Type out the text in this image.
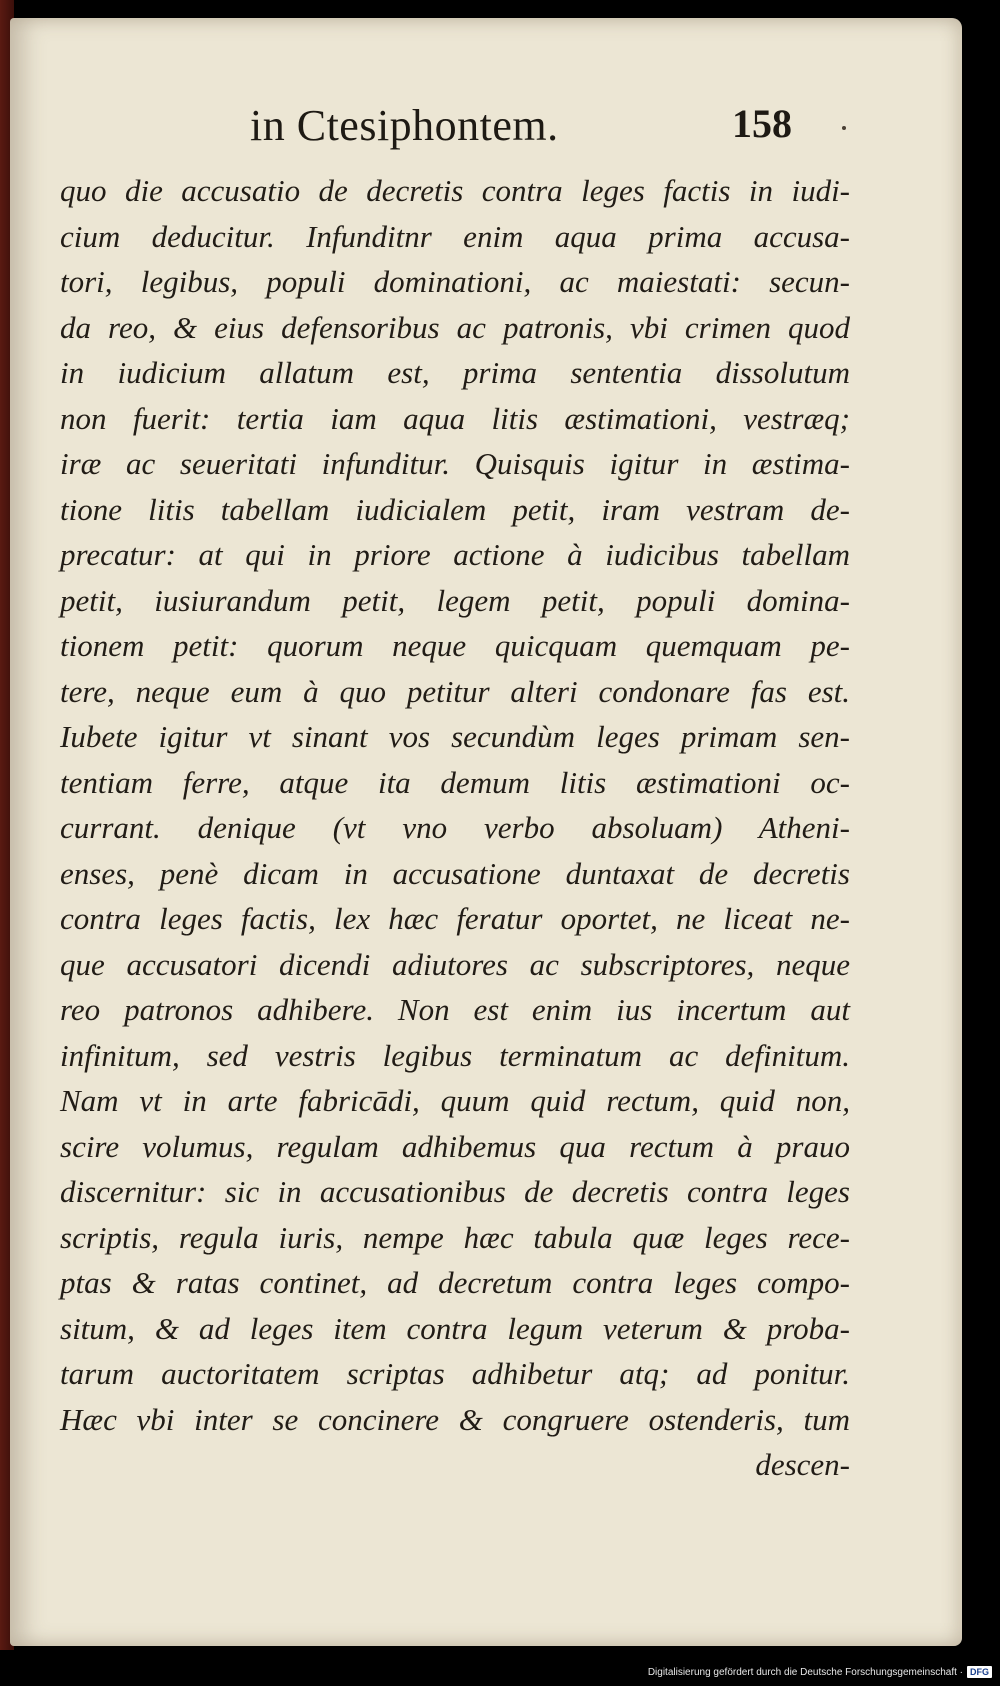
in Ctesiphontem.	158
quo die accusatio de decretis contra leges factis in iudi-
cium deducitur. Infunditnr enim aqua prima accusa-
tori, legibus, populi dominationi, ac maiestati: secun-
da reo, & eius defensoribus ac patronis, vbi crimen quod
in iudicium allatum est, prima sententia dissolutum
non fuerit: tertia iam aqua litis æstimationi, vestræq;
iræ ac seueritati infunditur. Quisquis igitur in æstima-
tione litis tabellam iudicialem petit, iram vestram de-
precatur: at qui in priore actione à iudicibus tabellam
petit, iusiurandum petit, legem petit, populi domina-
tionem petit: quorum neque quicquam quemquam pe-
tere, neque eum à quo petitur alteri condonare fas est.
Iubete igitur vt sinant vos secundùm leges primam sen-
tentiam ferre, atque ita demum litis æstimationi oc-
currant. denique (vt vno verbo absoluam) Atheni-
enses, penè dicam in accusatione duntaxat de decretis
contra leges factis, lex hæc feratur oportet, ne liceat ne-
que accusatori dicendi adiutores ac subscriptores, neque
reo patronos adhibere. Non est enim ius incertum aut
infinitum, sed vestris legibus terminatum ac definitum.
Nam vt in arte fabricādi, quum quid rectum, quid non,
scire volumus, regulam adhibemus qua rectum à prauo
discernitur: sic in accusationibus de decretis contra leges
scriptis, regula iuris, nempe hæc tabula quæ leges rece-
ptas & ratas continet, ad decretum contra leges compo-
situm, & ad leges item contra legum veterum & proba-
tarum auctoritatem scriptas adhibetur atq; ad ponitur.
Hæc vbi inter se concinere & congruere ostenderis, tum
descen-
Digitalisierung gefördert durch die Deutsche Forschungsgemeinschaft · DFG
